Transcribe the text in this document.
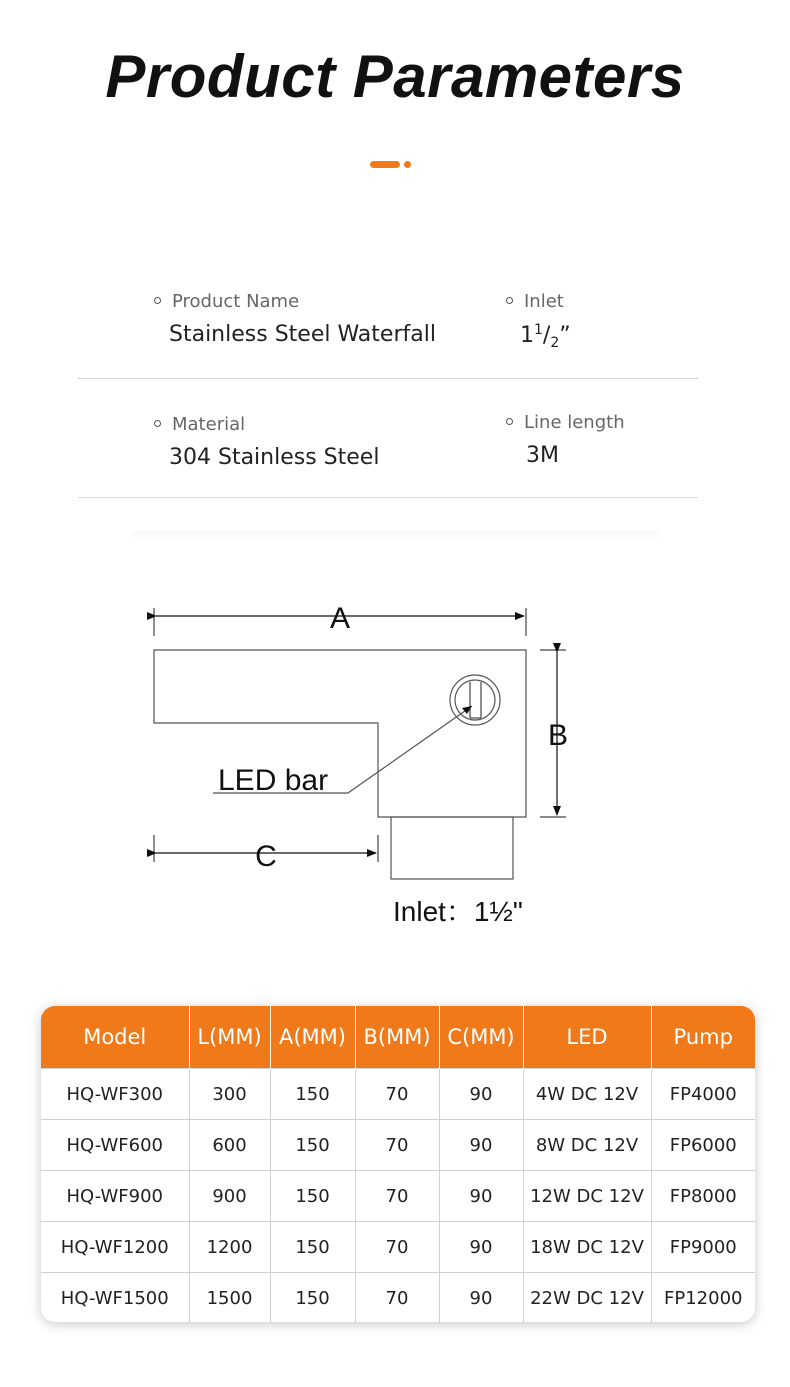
Product Parameters
Product Name
Stainless Steel Waterfall
Inlet
$1^1/_2$”
Material
304 Stainless Steel
Line length
3M
A
B
C
LED bar
Inlet：1½"
Model	L(MM)	A(MM)	B(MM)	C(MM)	LED	Pump
HQ-WF300	300	150	70	90	4W DC 12V	FP4000
HQ-WF600	600	150	70	90	8W DC 12V	FP6000
HQ-WF900	900	150	70	90	12W DC 12V	FP8000
HQ-WF1200	1200	150	70	90	18W DC 12V	FP9000
HQ-WF1500	1500	150	70	90	22W DC 12V	FP12000
